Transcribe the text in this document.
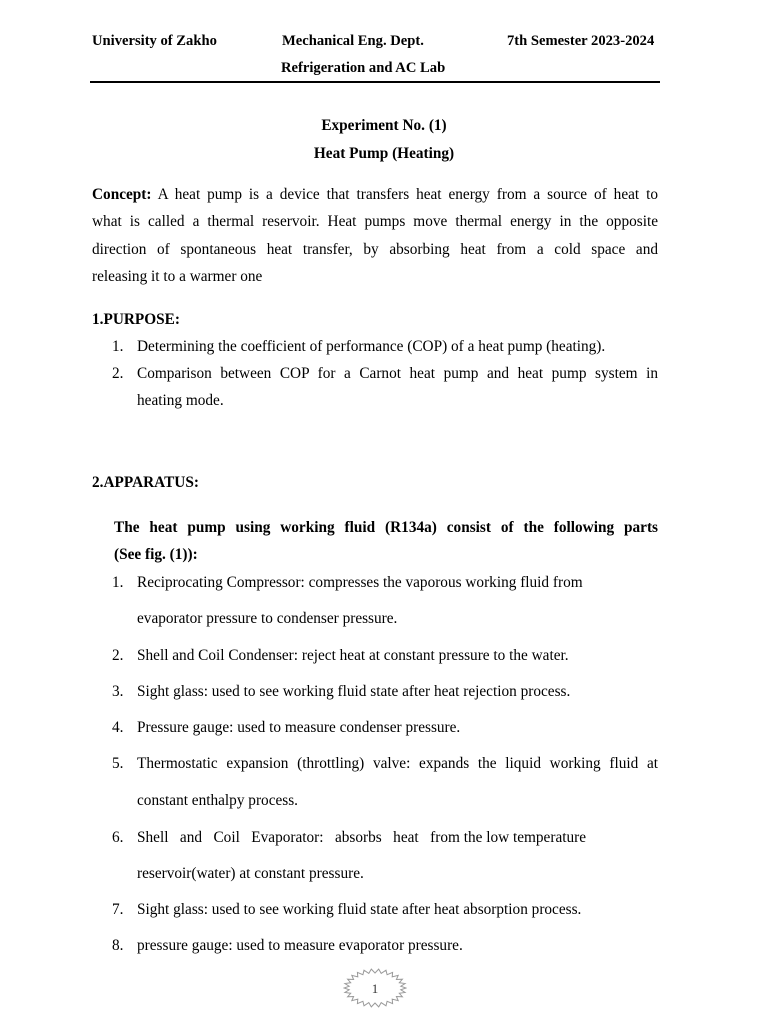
University of Zakho	Mechanical Eng. Dept.	7th Semester 2023-2024
Refrigeration and AC Lab
Experiment No. (1)
Heat Pump (Heating)
Concept: A heat pump is a device that transfers heat energy from a source of heat to
what is called a thermal reservoir. Heat pumps move thermal energy in the opposite
direction of spontaneous heat transfer, by absorbing heat from a cold space and
releasing it to a warmer one
1.PURPOSE:
1. Determining the coefficient of performance (COP) of a heat pump (heating).
2. Comparison between COP for a Carnot heat pump and heat pump system in
heating mode.
2.APPARATUS:
The heat pump using working fluid (R134a) consist of the following parts
(See fig. (1)):
1. Reciprocating Compressor: compresses the vaporous working fluid from
evaporator pressure to condenser pressure.
2. Shell and Coil Condenser: reject heat at constant pressure to the water.
3. Sight glass: used to see working fluid state after heat rejection process.
4. Pressure gauge: used to measure condenser pressure.
5. Thermostatic expansion (throttling) valve: expands the liquid working fluid at
constant enthalpy process.
6. Shell   and   Coil   Evaporator:   absorbs   heat   from the low temperature
reservoir(water) at constant pressure.
7. Sight glass: used to see working fluid state after heat absorption process.
8. pressure gauge: used to measure evaporator pressure.
1
